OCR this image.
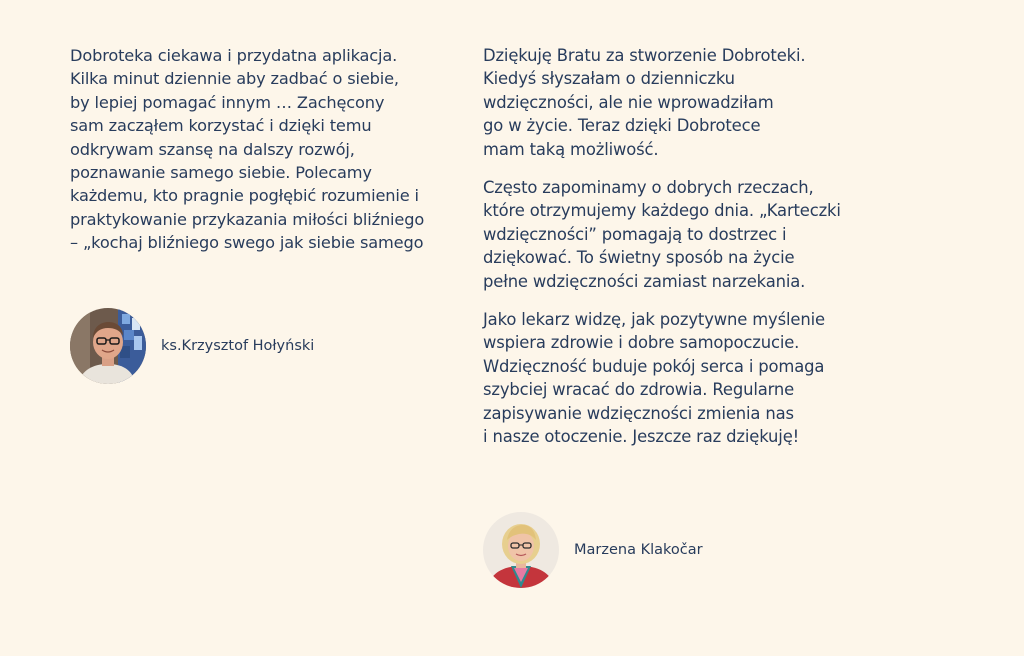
Dobroteka ciekawa i przydatna aplikacja.
Kilka minut dziennie aby zadbać o siebie,
by lepiej pomagać innym … Zachęcony
sam zacząłem korzystać i dzięki temu
odkrywam szansę na dalszy rozwój,
poznawanie samego siebie. Polecamy
każdemu, kto pragnie pogłębić rozumienie i
praktykowanie przykazania miłości bliźniego
– „kochaj bliźniego swego jak siebie samego

ks.Krzysztof Hołyński

Dziękuję Bratu za stworzenie Dobroteki.
Kiedyś słyszałam o dzienniczku
wdzięczności, ale nie wprowadziłam
go w życie. Teraz dzięki Dobrotece
mam taką możliwość.

Często zapominamy o dobrych rzeczach,
które otrzymujemy każdego dnia. „Karteczki
wdzięczności” pomagają to dostrzec i
dziękować. To świetny sposób na życie
pełne wdzięczności zamiast narzekania.

Jako lekarz widzę, jak pozytywne myślenie
wspiera zdrowie i dobre samopoczucie.
Wdzięczność buduje pokój serca i pomaga
szybciej wracać do zdrowia. Regularne
zapisywanie wdzięczności zmienia nas
i nasze otoczenie. Jeszcze raz dziękuję!

Marzena Klakočar
